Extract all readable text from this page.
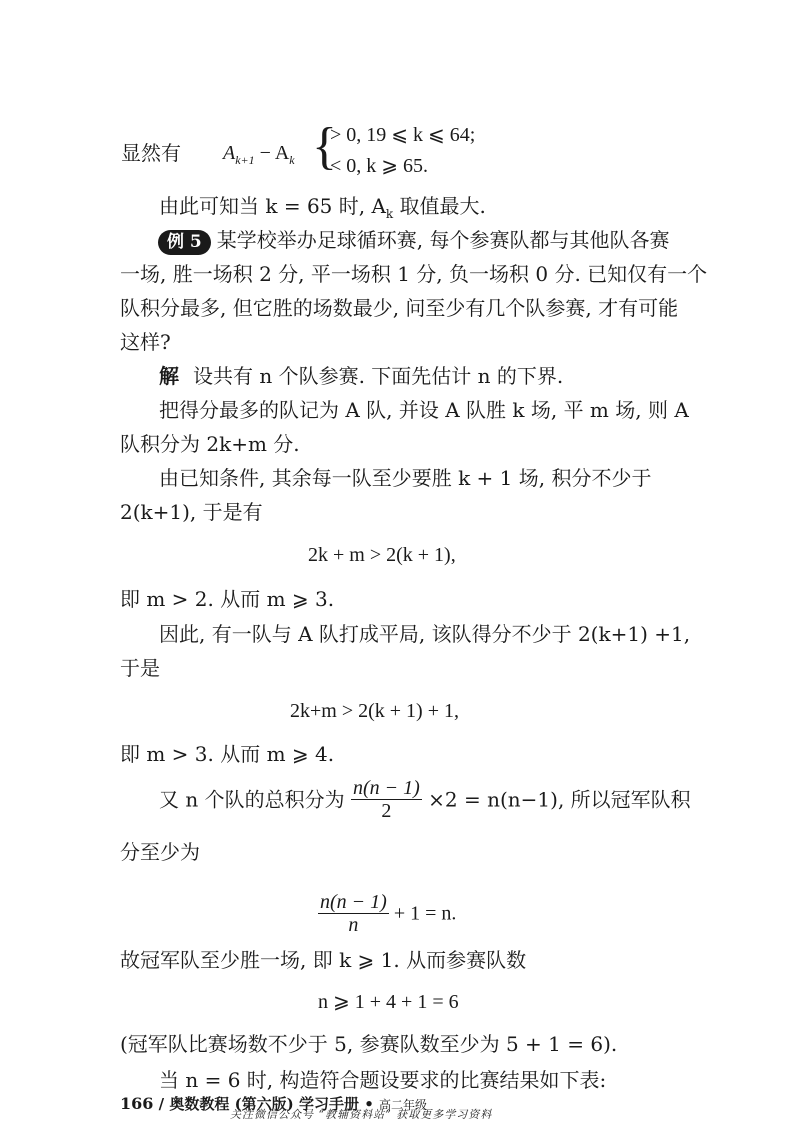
显然有 $A_{k+1} - A_k$ {
> 0, 19 ⩽ k ⩽ 64;
< 0, k ⩾ 65.
由此可知当 k = 65 时, $A_k$ 取值最大.
例 5 某学校举办足球循环赛, 每个参赛队都与其他队各赛
一场, 胜一场积 2 分, 平一场积 1 分, 负一场积 0 分. 已知仅有一个
队积分最多, 但它胜的场数最少, 问至少有几个队参赛, 才有可能
这样?
解 设共有 n 个队参赛. 下面先估计 n 的下界.
把得分最多的队记为 A 队, 并设 A 队胜 k 场, 平 m 场, 则 A
队积分为 2k+m 分.
由已知条件, 其余每一队至少要胜 k + 1 场, 积分不少于
2(k+1), 于是有
2k + m > 2(k + 1),
即 m > 2. 从而 m ⩾ 3.
因此, 有一队与 A 队打成平局, 该队得分不少于 2(k+1) +1,
于是
2k+m > 2(k + 1) + 1,
即 m > 3. 从而 m ⩾ 4.
又 n 个队的总积分为 $\frac{n(n - 1)}{2} \times 2 = n(n-1)$, 所以冠军队积
分至少为
$\frac{n(n - 1)}{n} + 1 = n$.
故冠军队至少胜一场, 即 k ⩾ 1. 从而参赛队数
n ⩾ 1 + 4 + 1 = 6
(冠军队比赛场数不少于 5, 参赛队数至少为 5 + 1 = 6).
当 n = 6 时, 构造符合题设要求的比赛结果如下表:
166 / 奥数教程 (第六版) 学习手册 • 高二年级
关注微信公众号 “教辅资料站” 获取更多学习资料
